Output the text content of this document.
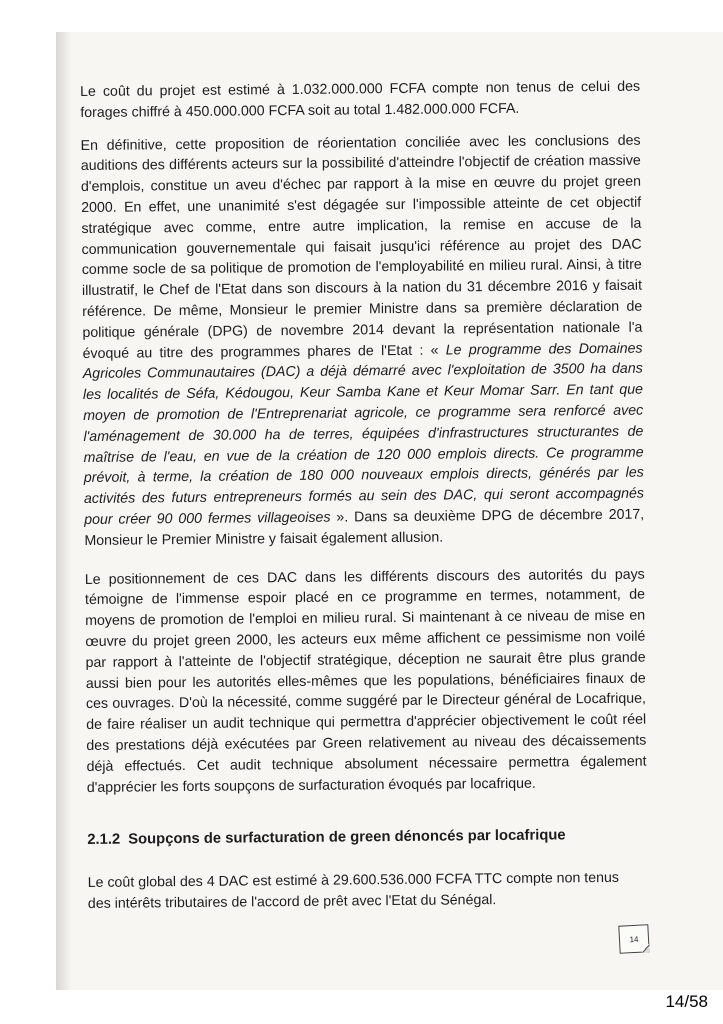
Le coût du projet est estimé à 1.032.000.000 FCFA compte non tenus de celui des forages chiffré à 450.000.000 FCFA soit au total 1.482.000.000 FCFA.

En définitive, cette proposition de réorientation conciliée avec les conclusions des auditions des différents acteurs sur la possibilité d'atteindre l'objectif de création massive d'emplois, constitue un aveu d'échec par rapport à la mise en œuvre du projet green 2000. En effet, une unanimité s'est dégagée sur l'impossible atteinte de cet objectif stratégique avec comme, entre autre implication, la remise en accuse de la communication gouvernementale qui faisait jusqu'ici référence au projet des DAC comme socle de sa politique de promotion de l'employabilité en milieu rural. Ainsi, à titre illustratif, le Chef de l'Etat dans son discours à la nation du 31 décembre 2016 y faisait référence. De même, Monsieur le premier Ministre dans sa première déclaration de politique générale (DPG) de novembre 2014 devant la représentation nationale l'a évoqué au titre des programmes phares de l'Etat : « Le programme des Domaines Agricoles Communautaires (DAC) a déjà démarré avec l'exploitation de 3500 ha dans les localités de Séfa, Kédougou, Keur Samba Kane et Keur Momar Sarr. En tant que moyen de promotion de l'Entreprenariat agricole, ce programme sera renforcé avec l'aménagement de 30.000 ha de terres, équipées d'infrastructures structurantes de maîtrise de l'eau, en vue de la création de 120 000 emplois directs. Ce programme prévoit, à terme, la création de 180 000 nouveaux emplois directs, générés par les activités des futurs entrepreneurs formés au sein des DAC, qui seront accompagnés pour créer 90 000 fermes villageoises ». Dans sa deuxième DPG de décembre 2017, Monsieur le Premier Ministre y faisait également allusion.

Le positionnement de ces DAC dans les différents discours des autorités du pays témoigne de l'immense espoir placé en ce programme en termes, notamment, de moyens de promotion de l'emploi en milieu rural. Si maintenant à ce niveau de mise en œuvre du projet green 2000, les acteurs eux même affichent ce pessimisme non voilé par rapport à l'atteinte de l'objectif stratégique, déception ne saurait être plus grande aussi bien pour les autorités elles-mêmes que les populations, bénéficiaires finaux de ces ouvrages. D'où la nécessité, comme suggéré par le Directeur général de Locafrique, de faire réaliser un audit technique qui permettra d'apprécier objectivement le coût réel des prestations déjà exécutées par Green relativement au niveau des décaissements déjà effectués. Cet audit technique absolument nécessaire permettra également d'apprécier les forts soupçons de surfacturation évoqués par locafrique.

2.1.2 Soupçons de surfacturation de green dénoncés par locafrique

Le coût global des 4 DAC est estimé à 29.600.536.000 FCFA TTC compte non tenus
des intérêts tributaires de l'accord de prêt avec l'Etat du Sénégal.

14
14/58
